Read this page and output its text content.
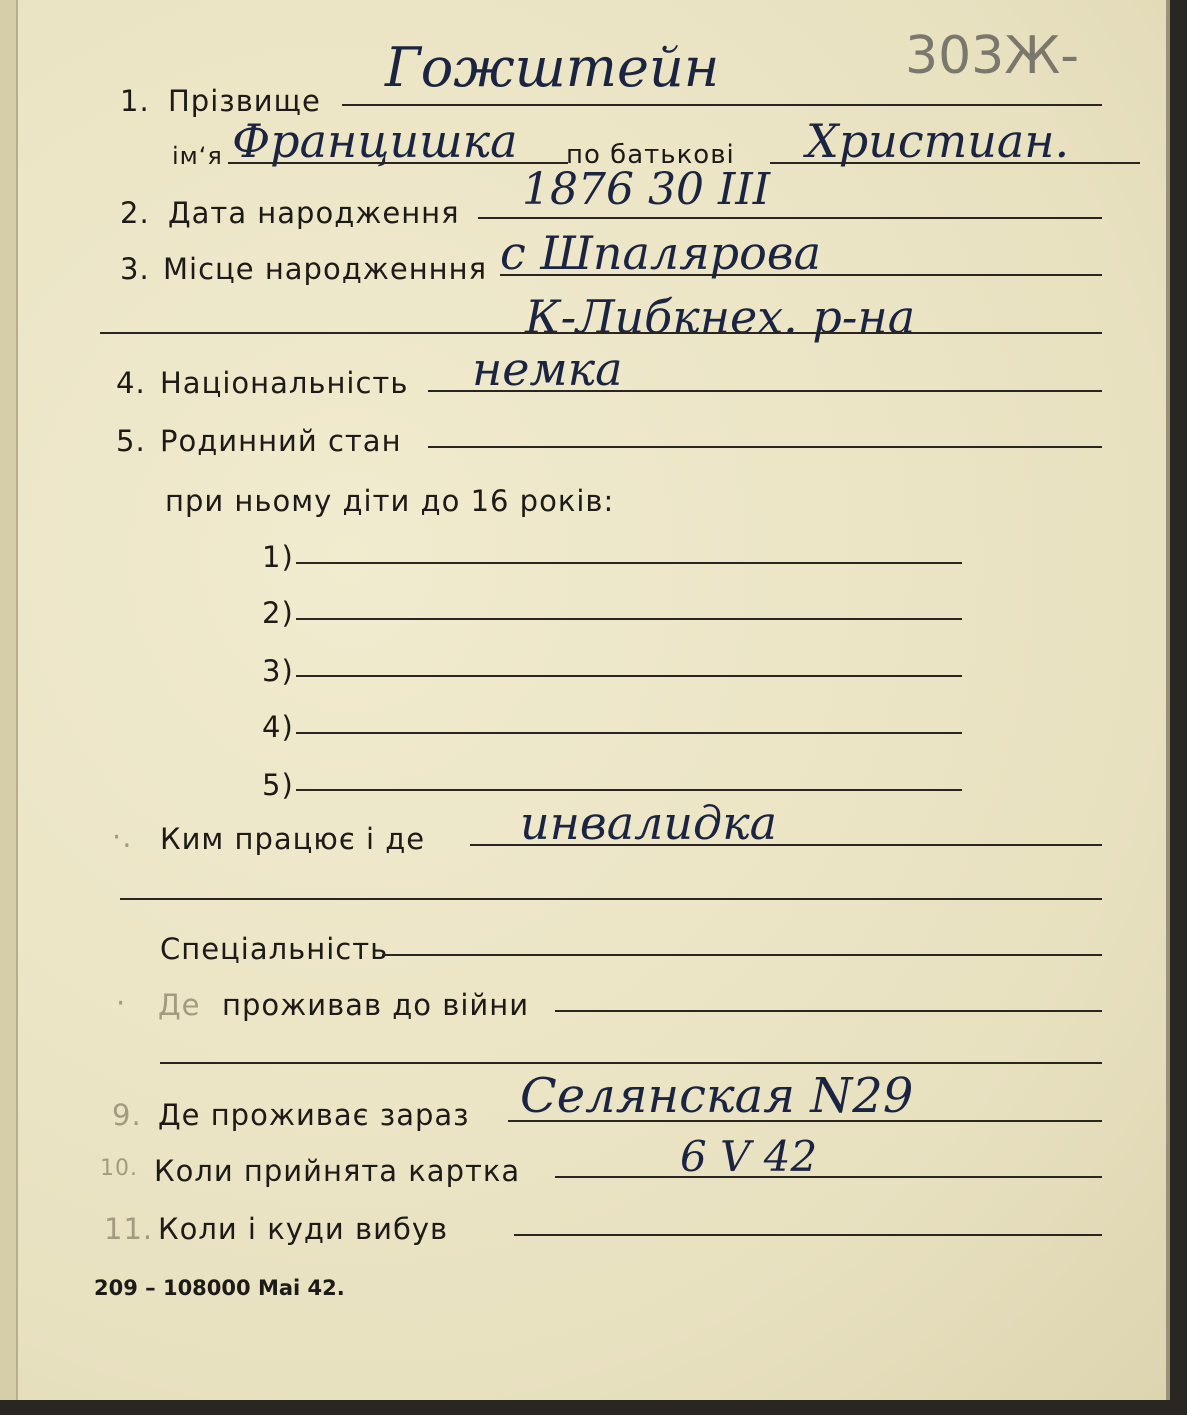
303Ж-
1. Прізвище
Гожштейн
ім‘я Францишка по батькові Христиан.
2. Дата народження 1876 30 III
3. Місце народженння с Шпалярова
К-Либкнех. р-на
4. Національність немка
5. Родинний стан
при ньому діти до 16 років:
1)
2)
3)
4)
5)
·. Ким працює і де инвалидка
Спеціальність
· Де проживав до війни
9. Де проживає зараз Селянская N29
10. Коли прийнята картка	6 V 42
11. Коли і куди вибув
209 – 108000 Mai 42.
